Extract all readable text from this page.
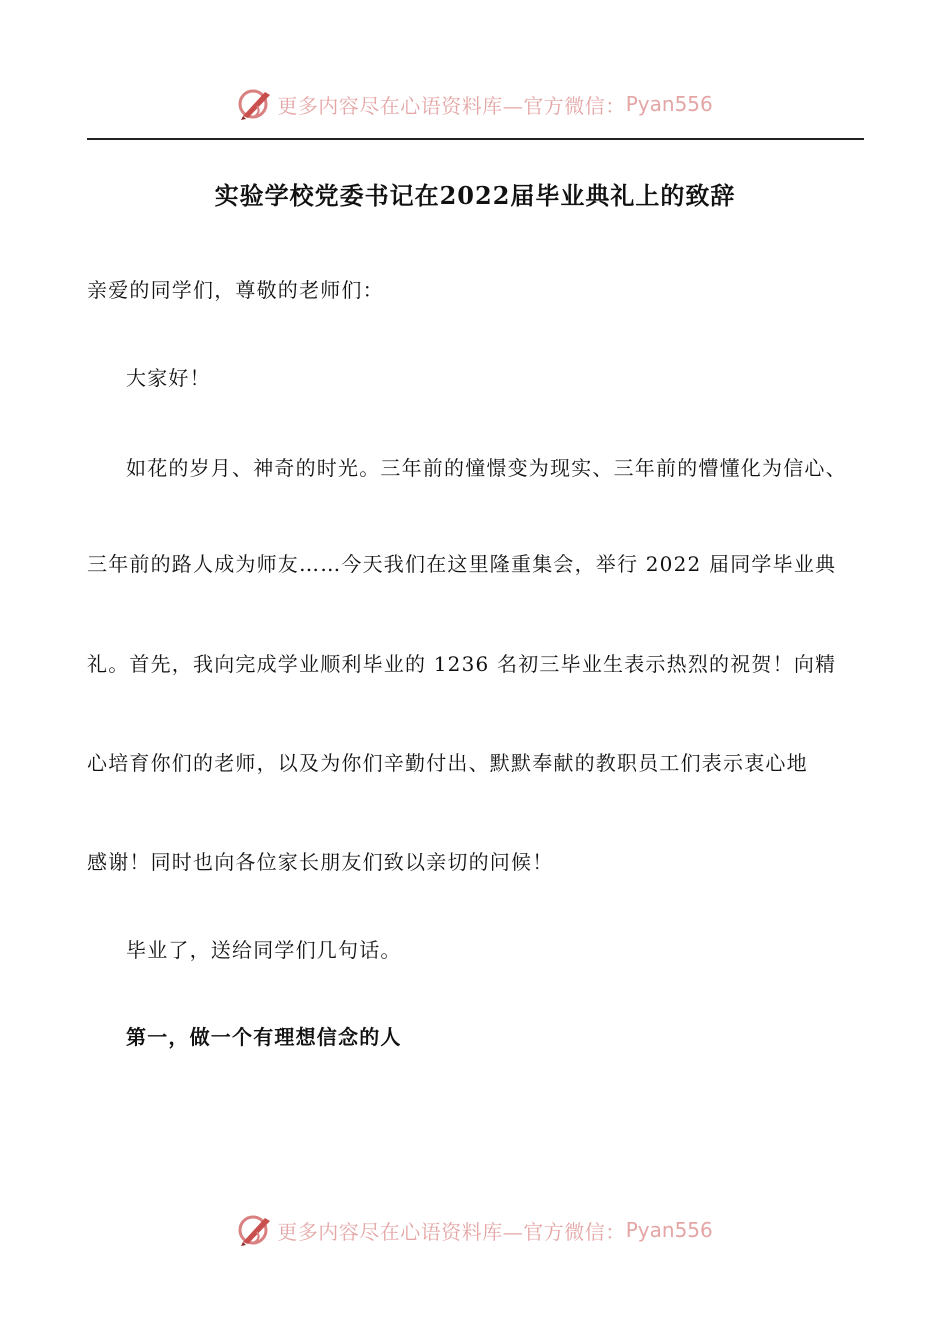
更多内容尽在心语资料库—官方微信： Pyan556
实验学校党委书记在2022届毕业典礼上的致辞
亲爱的同学们，尊敬的老师们：
大家好！
如花的岁月、神奇的时光。三年前的憧憬变为现实、三年前的懵懂化为信心、
三年前的路人成为师友……今天我们在这里隆重集会，举行 2022 届同学毕业典
礼。首先，我向完成学业顺利毕业的 1236 名初三毕业生表示热烈的祝贺！向精
心培育你们的老师，以及为你们辛勤付出、默默奉献的教职员工们表示衷心地
感谢！同时也向各位家长朋友们致以亲切的问候！
毕业了，送给同学们几句话。
第一，做一个有理想信念的人
更多内容尽在心语资料库—官方微信： Pyan556
